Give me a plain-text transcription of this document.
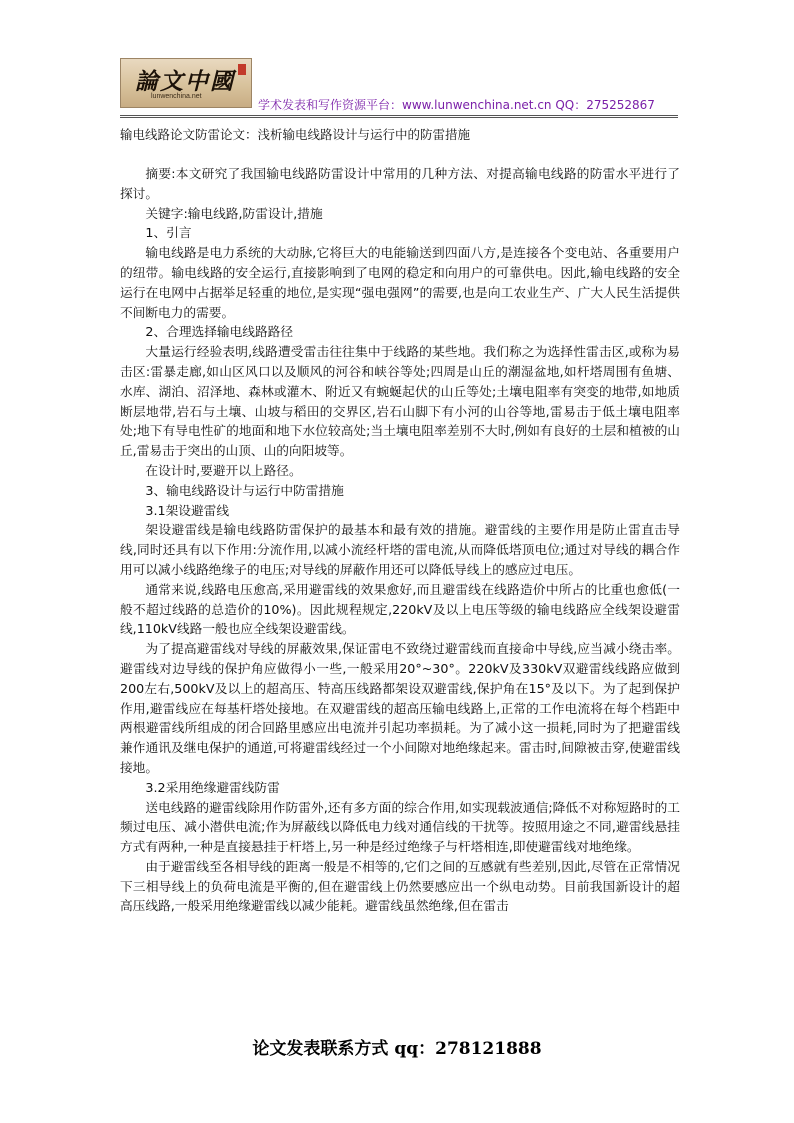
論文中國
lunwenchina.net
学术发表和写作资源平台：www.lunwenchina.net.cn QQ：275252867
输电线路论文防雷论文：浅析输电线路设计与运行中的防雷措施

摘要:本文研究了我国输电线路防雷设计中常用的几种方法、对提高输电线路的防雷水平进行了探讨。

关键字:输电线路,防雷设计,措施

1、引言

输电线路是电力系统的大动脉,它将巨大的电能输送到四面八方,是连接各个变电站、各重要用户的纽带。输电线路的安全运行,直接影响到了电网的稳定和向用户的可靠供电。因此,输电线路的安全运行在电网中占据举足轻重的地位,是实现“强电强网”的需要,也是向工农业生产、广大人民生活提供不间断电力的需要。

2、合理选择输电线路路径

大量运行经验表明,线路遭受雷击往往集中于线路的某些地。我们称之为选择性雷击区,或称为易击区:雷暴走廊,如山区风口以及顺风的河谷和峡谷等处;四周是山丘的潮湿盆地,如杆塔周围有鱼塘、水库、湖泊、沼泽地、森林或灌木、附近又有蜿蜒起伏的山丘等处;土壤电阻率有突变的地带,如地质断层地带,岩石与土壤、山坡与稻田的交界区,岩石山脚下有小河的山谷等地,雷易击于低土壤电阻率处;地下有导电性矿的地面和地下水位较高处;当土壤电阻率差别不大时,例如有良好的土层和植被的山丘,雷易击于突出的山顶、山的向阳坡等。

在设计时,要避开以上路径。

3、输电线路设计与运行中防雷措施

3.1架设避雷线

架设避雷线是输电线路防雷保护的最基本和最有效的措施。避雷线的主要作用是防止雷直击导线,同时还具有以下作用:分流作用,以减小流经杆塔的雷电流,从而降低塔顶电位;通过对导线的耦合作用可以减小线路绝缘子的电压;对导线的屏蔽作用还可以降低导线上的感应过电压。

通常来说,线路电压愈高,采用避雷线的效果愈好,而且避雷线在线路造价中所占的比重也愈低(一般不超过线路的总造价的10%)。因此规程规定,220kV及以上电压等级的输电线路应全线架设避雷线,110kV线路一般也应全线架设避雷线。

为了提高避雷线对导线的屏蔽效果,保证雷电不致绕过避雷线而直接命中导线,应当减小绕击率。避雷线对边导线的保护角应做得小一些,一般采用20°~30°。220kV及330kV双避雷线线路应做到200左右,500kV及以上的超高压、特高压线路都架设双避雷线,保护角在15°及以下。为了起到保护作用,避雷线应在每基杆塔处接地。在双避雷线的超高压输电线路上,正常的工作电流将在每个档距中两根避雷线所组成的闭合回路里感应出电流并引起功率损耗。为了减小这一损耗,同时为了把避雷线兼作通讯及继电保护的通道,可将避雷线经过一个小间隙对地绝缘起来。雷击时,间隙被击穿,使避雷线接地。

3.2采用绝缘避雷线防雷

送电线路的避雷线除用作防雷外,还有多方面的综合作用,如实现载波通信;降低不对称短路时的工频过电压、减小潜供电流;作为屏蔽线以降低电力线对通信线的干扰等。按照用途之不同,避雷线悬挂方式有两种,一种是直接悬挂于杆塔上,另一种是经过绝缘子与杆塔相连,即使避雷线对地绝缘。

由于避雷线至各相导线的距离一般是不相等的,它们之间的互感就有些差别,因此,尽管在正常情况下三相导线上的负荷电流是平衡的,但在避雷线上仍然要感应出一个纵电动势。目前我国新设计的超高压线路,一般采用绝缘避雷线以减少能耗。避雷线虽然绝缘,但在雷击

论文发表联系方式 qq：278121888
